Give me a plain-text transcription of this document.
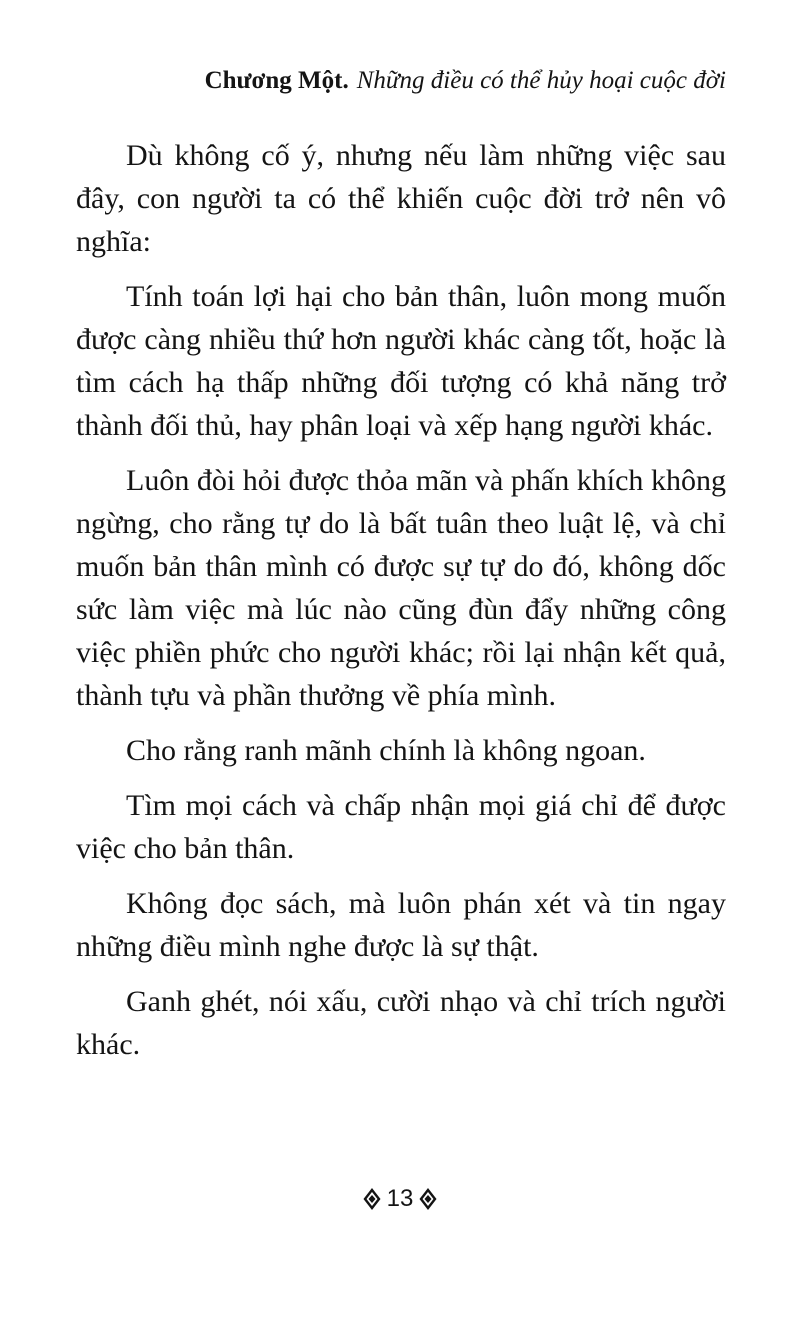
Chương Một. Những điều có thể hủy hoại cuộc đời

Dù không cố ý, nhưng nếu làm những việc sau đây, con người ta có thể khiến cuộc đời trở nên vô nghĩa:

Tính toán lợi hại cho bản thân, luôn mong muốn được càng nhiều thứ hơn người khác càng tốt, hoặc là tìm cách hạ thấp những đối tượng có khả năng trở thành đối thủ, hay phân loại và xếp hạng người khác.

Luôn đòi hỏi được thỏa mãn và phấn khích không ngừng, cho rằng tự do là bất tuân theo luật lệ, và chỉ muốn bản thân mình có được sự tự do đó, không dốc sức làm việc mà lúc nào cũng đùn đẩy những công việc phiền phức cho người khác; rồi lại nhận kết quả, thành tựu và phần thưởng về phía mình.

Cho rằng ranh mãnh chính là không ngoan.

Tìm mọi cách và chấp nhận mọi giá chỉ để được việc cho bản thân.

Không đọc sách, mà luôn phán xét và tin ngay những điều mình nghe được là sự thật.

Ganh ghét, nói xấu, cười nhạo và chỉ trích người khác.

13
